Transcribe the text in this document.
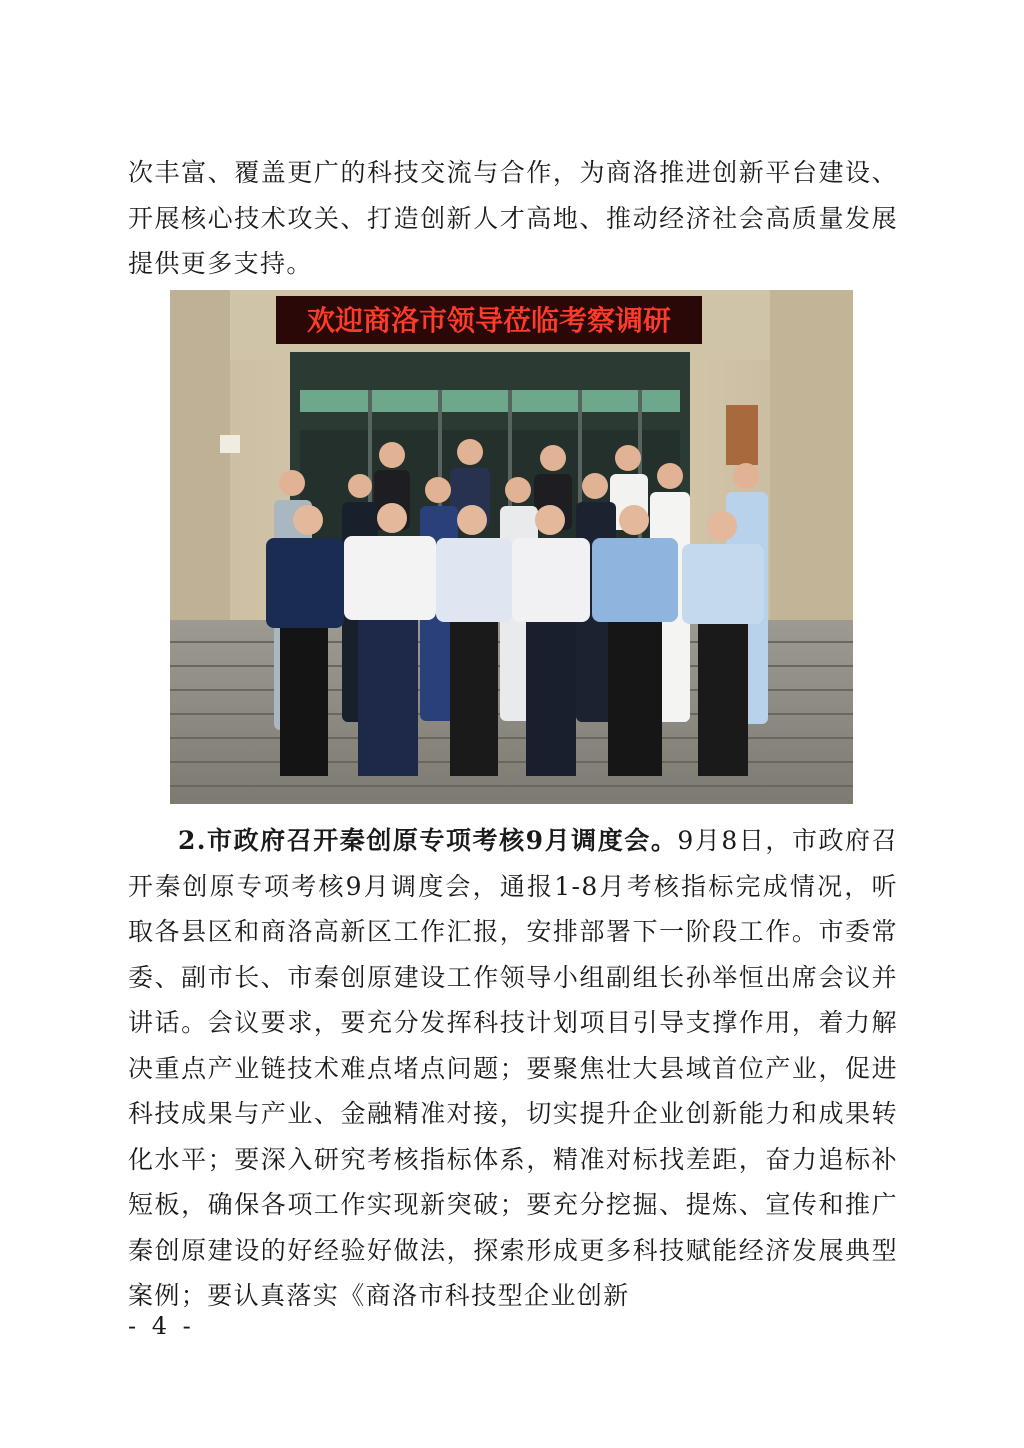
次丰富、覆盖更广的科技交流与合作，为商洛推进创新平台建设、开展核心技术攻关、打造创新人才高地、推动经济社会高质量发展提供更多支持。

欢迎商洛市领导莅临考察调研

2.市政府召开秦创原专项考核9月调度会。9月8日，市政府召开秦创原专项考核9月调度会，通报1-8月考核指标完成情况，听取各县区和商洛高新区工作汇报，安排部署下一阶段工作。市委常委、副市长、市秦创原建设工作领导小组副组长孙举恒出席会议并讲话。会议要求，要充分发挥科技计划项目引导支撑作用，着力解决重点产业链技术难点堵点问题；要聚焦壮大县域首位产业，促进科技成果与产业、金融精准对接，切实提升企业创新能力和成果转化水平；要深入研究考核指标体系，精准对标找差距，奋力追标补短板，确保各项工作实现新突破；要充分挖掘、提炼、宣传和推广秦创原建设的好经验好做法，探索形成更多科技赋能经济发展典型案例；要认真落实《商洛市科技型企业创新

- 4 -
